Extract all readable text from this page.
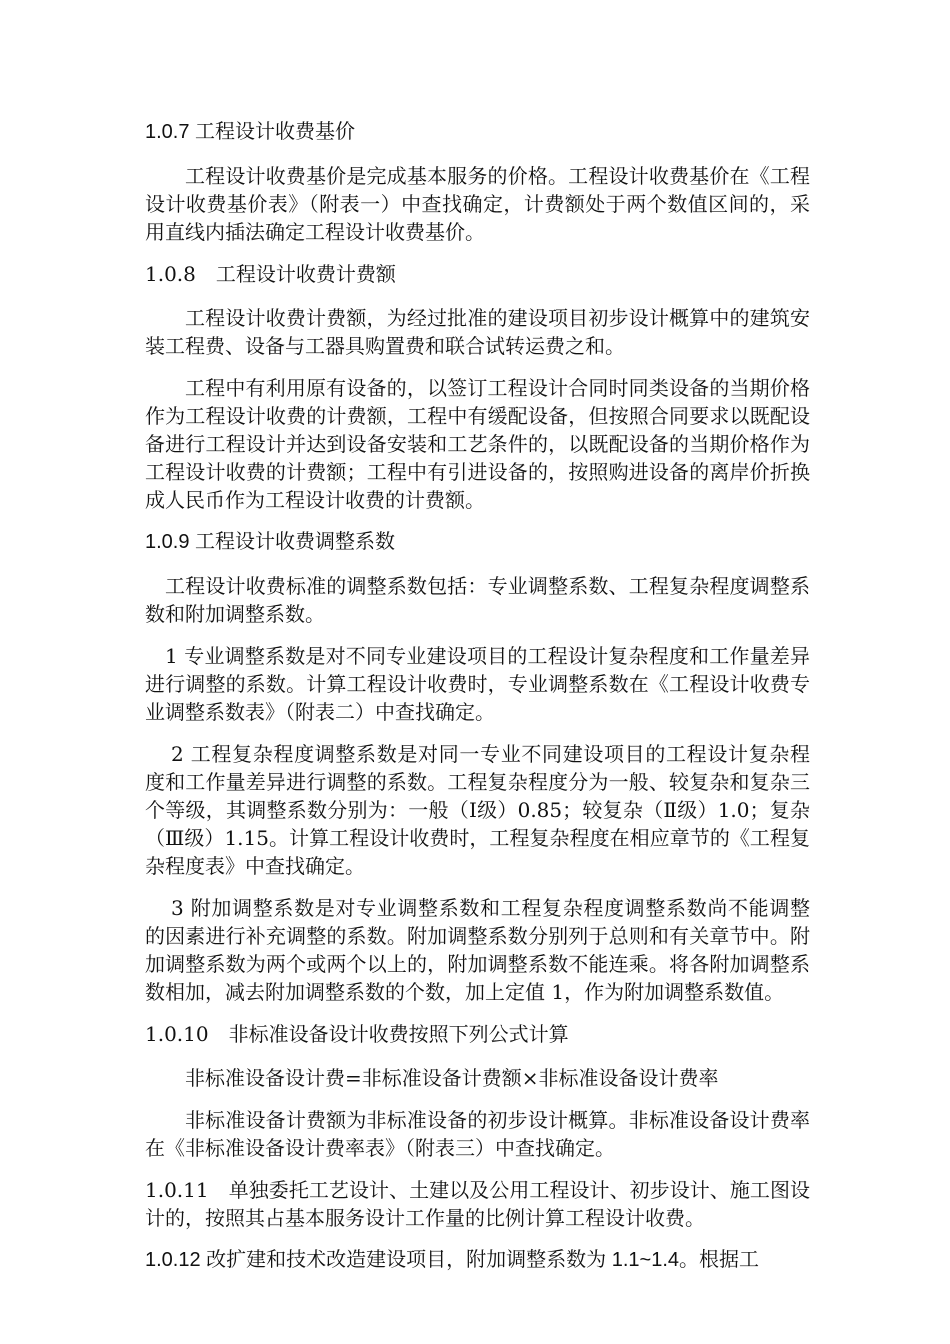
1.0.7 工程设计收费基价

工程设计收费基价是完成基本服务的价格。工程设计收费基价在《工程设计收费基价表》（附表一）中查找确定，计费额处于两个数值区间的，采用直线内插法确定工程设计收费基价。

1.0.8　工程设计收费计费额

工程设计收费计费额，为经过批准的建设项目初步设计概算中的建筑安装工程费、设备与工器具购置费和联合试转运费之和。

工程中有利用原有设备的，以签订工程设计合同时同类设备的当期价格作为工程设计收费的计费额，工程中有缓配设备，但按照合同要求以既配设备进行工程设计并达到设备安装和工艺条件的，以既配设备的当期价格作为工程设计收费的计费额；工程中有引进设备的，按照购进设备的离岸价折换成人民币作为工程设计收费的计费额。

1.0.9 工程设计收费调整系数

工程设计收费标准的调整系数包括：专业调整系数、工程复杂程度调整系数和附加调整系数。

1 专业调整系数是对不同专业建设项目的工程设计复杂程度和工作量差异进行调整的系数。计算工程设计收费时，专业调整系数在《工程设计收费专业调整系数表》（附表二）中查找确定。

2 工程复杂程度调整系数是对同一专业不同建设项目的工程设计复杂程度和工作量差异进行调整的系数。工程复杂程度分为一般、较复杂和复杂三个等级，其调整系数分别为：一般（Ⅰ级）0.85；较复杂（Ⅱ级）1.0；复杂（Ⅲ级）1.15。计算工程设计收费时，工程复杂程度在相应章节的《工程复杂程度表》中查找确定。

3 附加调整系数是对专业调整系数和工程复杂程度调整系数尚不能调整的因素进行补充调整的系数。附加调整系数分别列于总则和有关章节中。附加调整系数为两个或两个以上的，附加调整系数不能连乘。将各附加调整系数相加，减去附加调整系数的个数，加上定值 1，作为附加调整系数值。

1.0.10　非标准设备设计收费按照下列公式计算

非标准设备设计费=非标准设备计费额×非标准设备设计费率

非标准设备计费额为非标准设备的初步设计概算。非标准设备设计费率在《非标准设备设计费率表》（附表三）中查找确定。

1.0.11　单独委托工艺设计、土建以及公用工程设计、初步设计、施工图设计的，按照其占基本服务设计工作量的比例计算工程设计收费。

1.0.12 改扩建和技术改造建设项目，附加调整系数为 1.1~1.4。根据工
